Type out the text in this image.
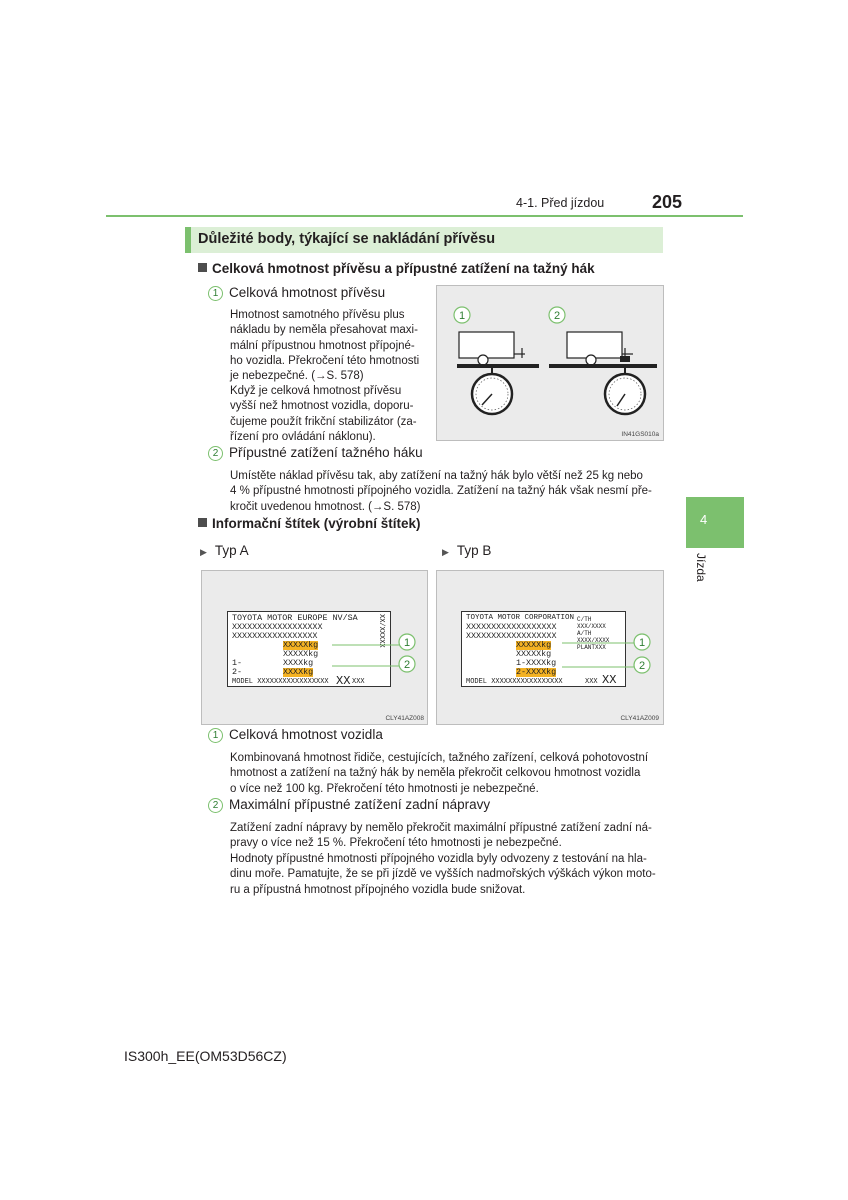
4-1. Před jízdou	205
4
Jízda
Důležité body, týkající se nakládání přívěsu
Celková hmotnost přívěsu a přípustné zatížení na tažný hák
1 Celková hmotnost přívěsu
Hmotnost samotného přívěsu plus
nákladu by neměla přesahovat maxi-
mální přípustnou hmotnost přípojné-
ho vozidla. Překročení této hmotnosti
je nebezpečné. (→S. 578)
Když je celková hmotnost přívěsu
vyšší než hmotnost vozidla, doporu-
čujeme použít frikční stabilizátor (za-
řízení pro ovládání náklonu).
1	2
IN41GS010a
2 Přípustné zatížení tažného háku
Umístěte náklad přívěsu tak, aby zatížení na tažný hák bylo větší než 25 kg nebo
4 % přípustné hmotnosti přípojného vozidla. Zatížení na tažný hák však nesmí pře-
kročit uvedenou hmotnost. (→S. 578)
Informační štítek (výrobní štítek)
▶ Typ A	▶ Typ B
TOYOTA MOTOR EUROPE NV/SA
XXXXXXXXXXXXXXXXXX
XXXXXXXXXXXXXXXXX
XXXXXkg
XXXXXkg
1-	XXXXkg
2-	XXXXkg
MODEL XXXXXXXXXXXXXXXXX XX XXX
XX/XXXXX 1
2
CLY41AZ008
TOYOTA MOTOR CORPORATION
XXXXXXXXXXXXXXXXXX
XXXXXXXXXXXXXXXXXX
XXXXXkg
XXXXXkg
1-XXXXkg
2-XXXXkg
MODEL XXXXXXXXXXXXXXXXX	XXX XX
C/TH
XXX/XXXX
A/TH
XXXX/XXXX
PLANTXXX	1
2
CLY41AZ009
1 Celková hmotnost vozidla
Kombinovaná hmotnost řidiče, cestujících, tažného zařízení, celková pohotovostní
hmotnost a zatížení na tažný hák by neměla překročit celkovou hmotnost vozidla
o více než 100 kg. Překročení této hmotnosti je nebezpečné.
2 Maximální přípustné zatížení zadní nápravy
Zatížení zadní nápravy by nemělo překročit maximální přípustné zatížení zadní ná-
pravy o více než 15 %. Překročení této hmotnosti je nebezpečné.
Hodnoty přípustné hmotnosti přípojného vozidla byly odvozeny z testování na hla-
dinu moře. Pamatujte, že se při jízdě ve vyšších nadmořských výškách výkon moto-
ru a přípustná hmotnost přípojného vozidla bude snižovat.
IS300h_EE(OM53D56CZ)
